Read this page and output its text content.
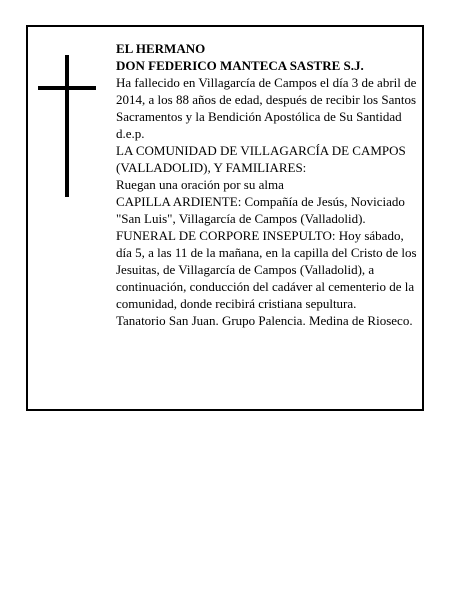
EL HERMANO
DON FEDERICO MANTECA SASTRE S.J.
Ha fallecido en Villagarcía de Campos el día 3 de abril de 2014, a los 88 años de edad, después de recibir los Santos Sacramentos y la Bendición Apostólica de Su Santidad
d.e.p.
LA COMUNIDAD DE VILLAGARCÍA DE CAMPOS (VALLADOLID), Y FAMILIARES:
Ruegan una oración por su alma
CAPILLA ARDIENTE: Compañía de Jesús, Noviciado "San Luis", Villagarcía de Campos (Valladolid).
FUNERAL DE CORPORE INSEPULTO: Hoy sábado, día 5, a las 11 de la mañana, en la capilla del Cristo de los Jesuitas, de Villagarcía de Campos (Valladolid), a continuación, conducción del cadáver al cementerio de la comunidad, donde recibirá cristiana sepultura.
Tanatorio San Juan. Grupo Palencia. Medina de Rioseco.
